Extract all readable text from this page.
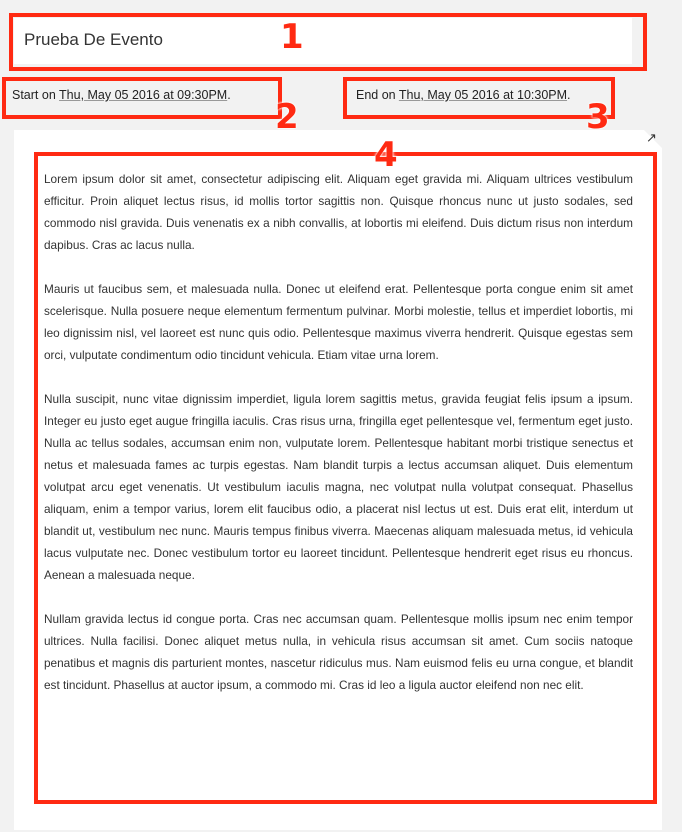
Prueba De Evento
Start on Thu, May 05 2016 at 09:30PM.	End on Thu, May 05 2016 at 10:30PM.
↗

Lorem ipsum dolor sit amet, consectetur adipiscing elit. Aliquam eget gravida mi. Aliquam ultrices vestibulum efficitur. Proin aliquet lectus risus, id mollis tortor sagittis non. Quisque rhoncus nunc ut justo sodales, sed commodo nisl gravida. Duis venenatis ex a nibh convallis, at lobortis mi eleifend. Duis dictum risus non interdum dapibus. Cras ac lacus nulla.

Mauris ut faucibus sem, et malesuada nulla. Donec ut eleifend erat. Pellentesque porta congue enim sit amet scelerisque. Nulla posuere neque elementum fermentum pulvinar. Morbi molestie, tellus et imperdiet lobortis, mi leo dignissim nisl, vel laoreet est nunc quis odio. Pellentesque maximus viverra hendrerit. Quisque egestas sem orci, vulputate condimentum odio tincidunt vehicula. Etiam vitae urna lorem.

Nulla suscipit, nunc vitae dignissim imperdiet, ligula lorem sagittis metus, gravida feugiat felis ipsum a ipsum. Integer eu justo eget augue fringilla iaculis. Cras risus urna, fringilla eget pellentesque vel, fermentum eget justo. Nulla ac tellus sodales, accumsan enim non, vulputate lorem. Pellentesque habitant morbi tristique senectus et netus et malesuada fames ac turpis egestas. Nam blandit turpis a lectus accumsan aliquet. Duis elementum volutpat arcu eget venenatis. Ut vestibulum iaculis magna, nec volutpat nulla volutpat consequat. Phasellus aliquam, enim a tempor varius, lorem elit faucibus odio, a placerat nisl lectus ut est. Duis erat elit, interdum ut blandit ut, vestibulum nec nunc. Mauris tempus finibus viverra. Maecenas aliquam malesuada metus, id vehicula lacus vulputate nec. Donec vestibulum tortor eu laoreet tincidunt. Pellentesque hendrerit eget risus eu rhoncus. Aenean a malesuada neque.

Nullam gravida lectus id congue porta. Cras nec accumsan quam. Pellentesque mollis ipsum nec enim tempor ultrices. Nulla facilisi. Donec aliquet metus nulla, in vehicula risus accumsan sit amet. Cum sociis natoque penatibus et magnis dis parturient montes, nascetur ridiculus mus. Nam euismod felis eu urna congue, et blandit est tincidunt. Phasellus at auctor ipsum, a commodo mi. Cras id leo a ligula auctor eleifend non nec elit.

1
2	3
4
